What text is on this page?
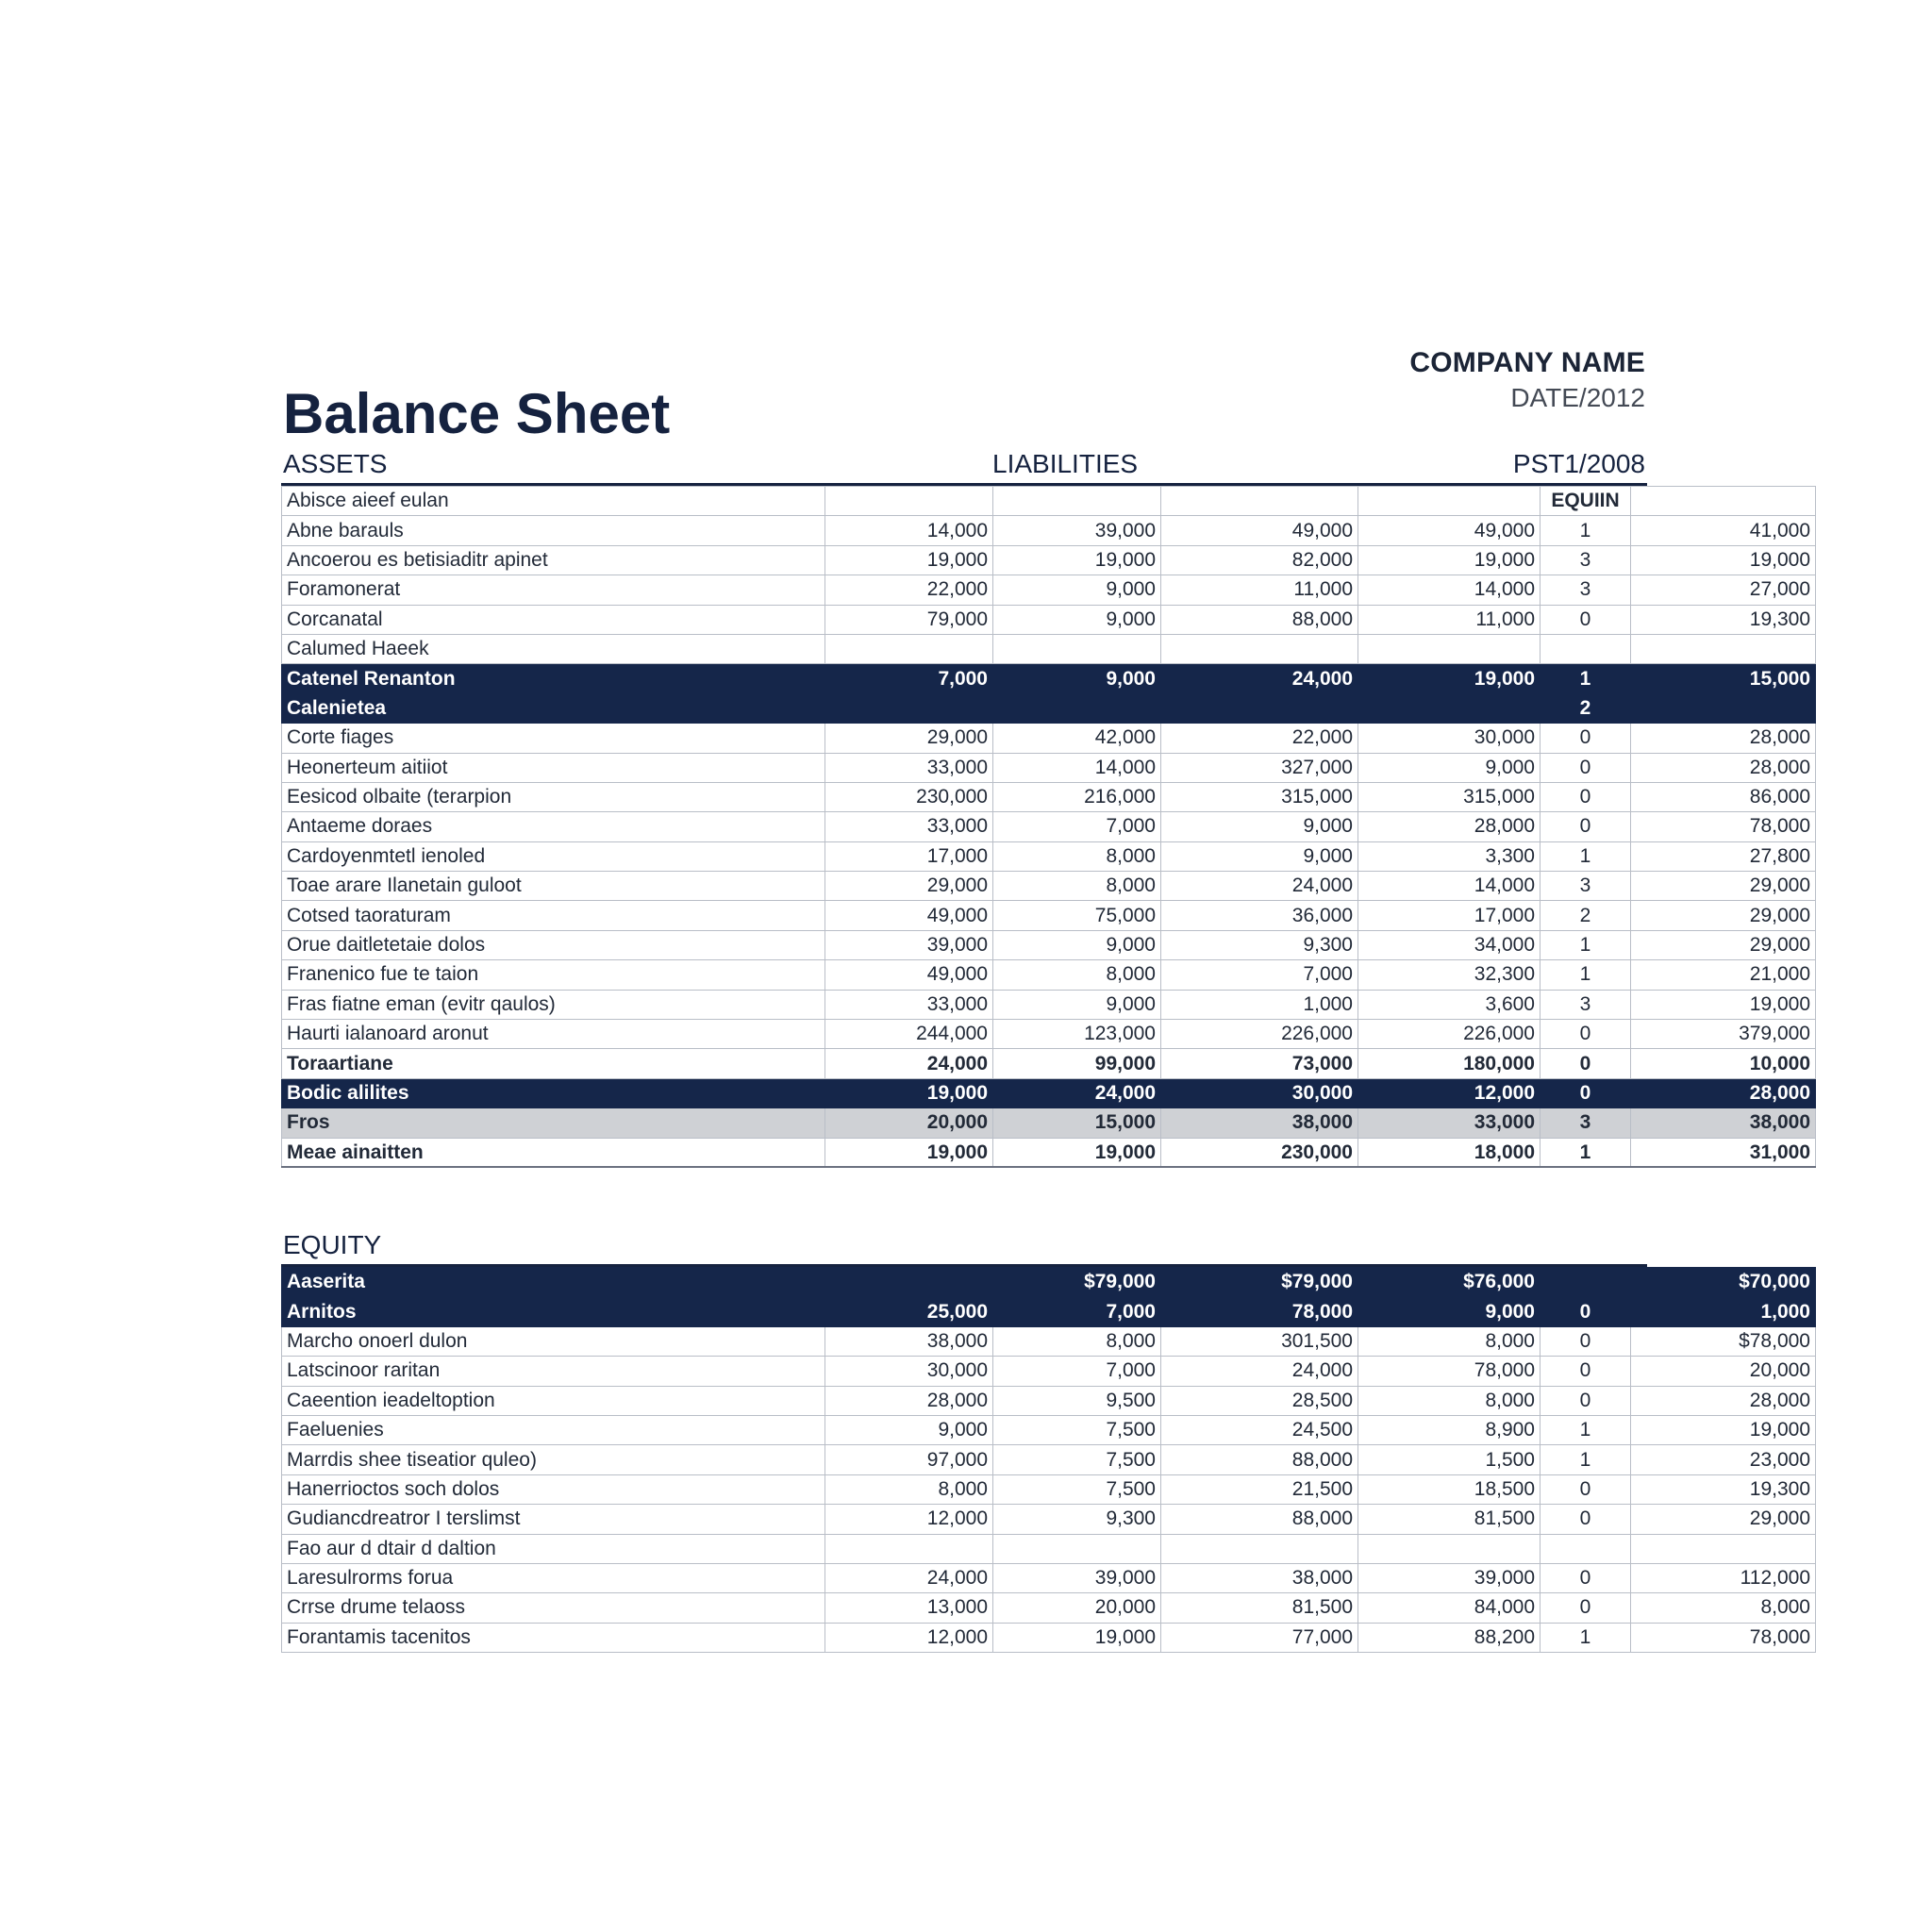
COMPANY NAME
DATE/2012
Balance Sheet
ASSETS	LIABILITIES	PST1/2008
Abisce aieef eulan					EQUIIN	
Abne barauls	14,000	39,000	49,000	49,000	1	41,000
Ancoerou es betisiaditr apinet	19,000	19,000	82,000	19,000	3	19,000
Foramonerat	22,000	9,000	11,000	14,000	3	27,000
Corcanatal	79,000	9,000	88,000	11,000	0	19,300
Calumed Haeek						
Catenel Renanton	7,000	9,000	24,000	19,000	1	15,000
Calenietea					2	
Corte fiages	29,000	42,000	22,000	30,000	0	28,000
Heonerteum aitiiot	33,000	14,000	327,000	9,000	0	28,000
Eesicod olbaite (terarpion	230,000	216,000	315,000	315,000	0	86,000
Antaeme doraes	33,000	7,000	9,000	28,000	0	78,000
Cardoyenmtetl ienoled	17,000	8,000	9,000	3,300	1	27,800
Toae arare Ilanetain guloot	29,000	8,000	24,000	14,000	3	29,000
Cotsed taoraturam	49,000	75,000	36,000	17,000	2	29,000
Orue daitletetaie dolos	39,000	9,000	9,300	34,000	1	29,000
Franenico fue te taion	49,000	8,000	7,000	32,300	1	21,000
Fras fiatne eman (evitr qaulos)	33,000	9,000	1,000	3,600	3	19,000
Haurti ialanoard aronut	244,000	123,000	226,000	226,000	0	379,000
Toraartiane	24,000	99,000	73,000	180,000	0	10,000
Bodic alilites	19,000	24,000	30,000	12,000	0	28,000
Fros	20,000	15,000	38,000	33,000	3	38,000
Meae ainaitten	19,000	19,000	230,000	18,000	1	31,000
EQUITY
Aaserita		$79,000	$79,000	$76,000		$70,000
Arnitos	25,000	7,000	78,000	9,000	0	1,000
Marcho onoerl dulon	38,000	8,000	301,500	8,000	0	$78,000
Latscinoor raritan	30,000	7,000	24,000	78,000	0	20,000
Caeention ieadeltoption	28,000	9,500	28,500	8,000	0	28,000
Faeluenies	9,000	7,500	24,500	8,900	1	19,000
Marrdis shee tiseatior quleo)	97,000	7,500	88,000	1,500	1	23,000
Hanerrioctos soch dolos	8,000	7,500	21,500	18,500	0	19,300
Gudiancdreatror I terslimst	12,000	9,300	88,000	81,500	0	29,000
Fao aur d dtair d daltion						
Laresulrorms forua	24,000	39,000	38,000	39,000	0	112,000
Crrse drume telaoss	13,000	20,000	81,500	84,000	0	8,000
Forantamis tacenitos	12,000	19,000	77,000	88,200	1	78,000
